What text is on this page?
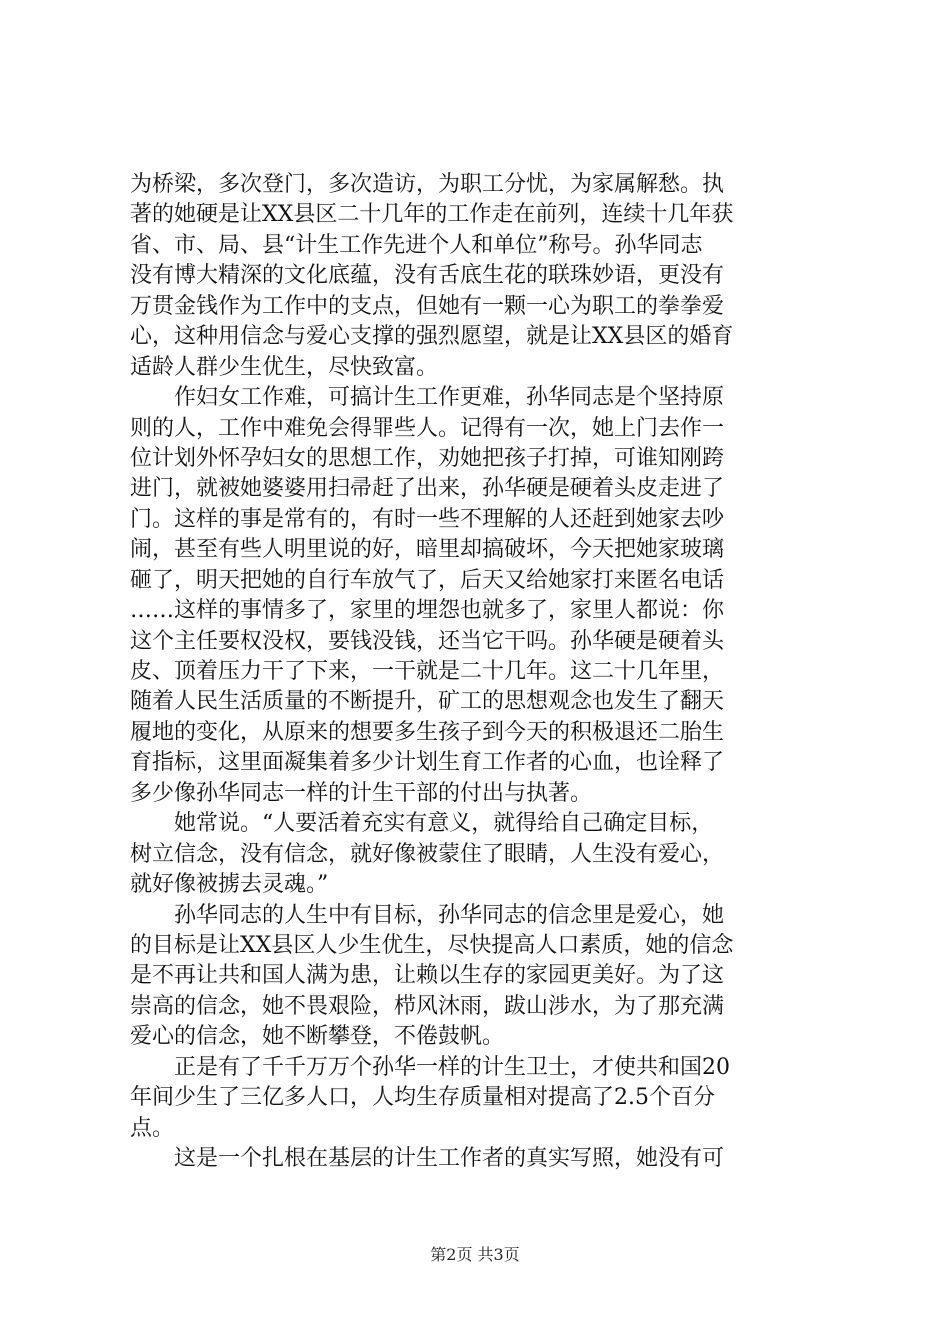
为桥梁，多次登门，多次造访，为职工分忧，为家属解愁。执
著的她硬是让XX县区二十几年的工作走在前列，连续十几年获
省、市、局、县“计生工作先进个人和单位”称号。孙华同志
没有博大精深的文化底蕴，没有舌底生花的联珠妙语，更没有
万贯金钱作为工作中的支点，但她有一颗一心为职工的拳拳爱
心，这种用信念与爱心支撑的强烈愿望，就是让XX县区的婚育
适龄人群少生优生，尽快致富。
　　作妇女工作难，可搞计生工作更难，孙华同志是个坚持原
则的人，工作中难免会得罪些人。记得有一次，她上门去作一
位计划外怀孕妇女的思想工作，劝她把孩子打掉，可谁知刚跨
进门，就被她婆婆用扫帚赶了出来，孙华硬是硬着头皮走进了
门。这样的事是常有的，有时一些不理解的人还赶到她家去吵
闹，甚至有些人明里说的好，暗里却搞破坏，今天把她家玻璃
砸了，明天把她的自行车放气了，后天又给她家打来匿名电话
……这样的事情多了，家里的埋怨也就多了，家里人都说：你
这个主任要权没权，要钱没钱，还当它干吗。孙华硬是硬着头
皮、顶着压力干了下来，一干就是二十几年。这二十几年里，
随着人民生活质量的不断提升，矿工的思想观念也发生了翻天
履地的变化，从原来的想要多生孩子到今天的积极退还二胎生
育指标，这里面凝集着多少计划生育工作者的心血，也诠释了
多少像孙华同志一样的计生干部的付出与执著。
　　她常说。“人要活着充实有意义，就得给自己确定目标，
树立信念，没有信念，就好像被蒙住了眼睛，人生没有爱心，
就好像被掳去灵魂。”
　　孙华同志的人生中有目标，孙华同志的信念里是爱心，她
的目标是让XX县区人少生优生，尽快提高人口素质，她的信念
是不再让共和国人满为患，让赖以生存的家园更美好。为了这
崇高的信念，她不畏艰险，栉风沐雨，跋山涉水，为了那充满
爱心的信念，她不断攀登，不倦鼓帆。
　　正是有了千千万万个孙华一样的计生卫士，才使共和国20
年间少生了三亿多人口，人均生存质量相对提高了2.5个百分
点。
　　这是一个扎根在基层的计生工作者的真实写照，她没有可
第2页 共3页
